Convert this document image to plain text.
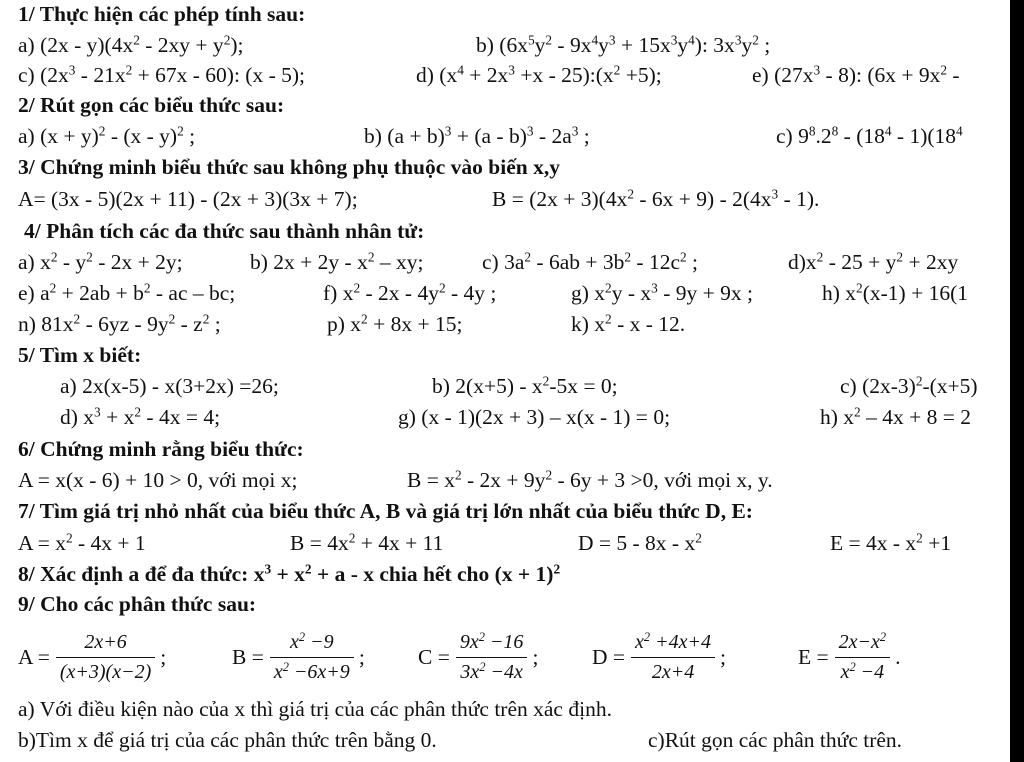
1/ Thực hiện các phép tính sau:
a) $(2x - y)(4x^2 - 2xy + y^2)$;	b) $(6x^5y^2 - 9x^4y^3 + 15x^3y^4)$: $3x^3y^2$ ;
c) $(2x^3 - 21x^2 + 67x - 60)$: (x - 5);	d) ($x^4 + 2x^3 +x$ - $25):(x^2 +5)$;	e) $(27x^3 - 8)$: ($6x + 9x^2$ -
2/ Rút gọn các biểu thức sau:
a) $(x + y)^2 - (x - y)^2$ ;	b) $(a + b)^3 + (a - b)^3 - 2a^3$ ;	c) $9^8.2^8 - (18^4 - 1)(18^4$
3/ Chứng minh biểu thức sau không phụ thuộc vào biến x,y
A= (3x - 5)(2x + 11) - (2x + 3)(3x + 7);	$B = (2x + 3)(4x^2 - 6x + 9) - 2(4x^3 - 1)$.
4/ Phân tích các đa thức sau thành nhân tử:
a) $x^2 - y^2 - 2x + 2y$;	b) $2x + 2y - x^2$ – xy;	c) $3a^2 - 6ab + 3b^2 - 12c^2$ ;	$d)x^2 - 25 + y^2 + 2xy$
e) $a^2 + 2ab + b^2$ - ac – bc;	f) $x^2 - 2x - 4y^2 - 4y$ ;	g) $x^2y - x^3 - 9y + 9x$ ;	h) $x^2(x-1) + 16(1$
n) $81x^2 - 6yz - 9y^2 - z^2$ ;	p) $x^2 + 8x + 15$;	k) $x^2$ - x - 12.
5/ Tìm x biết:
a) 2x(x-5) - x(3+2x) =26;	b) $2(x+5) - x^2-5x = 0$;	c) $(2x-3)^2-(x+5)$
d) $x^3 + x^2 - 4x = 4$;	g) (x - 1)(2x + 3) – x(x - 1) = 0;	h) $x^2 - 4x + 8 = 2$
6/ Chứng minh rằng biểu thức:
A = x(x - 6) + 10 > 0, với mọi x;	$B = x^2 - 2x + 9y^2 - 6y + 3 >0$, với mọi x, y.
7/ Tìm giá trị nhỏ nhất của biểu thức A, B và giá trị lớn nhất của biểu thức D, E:
$A = x^2 - 4x + 1$	$B = 4x^2 + 4x + 11$	$D = 5 - 8x - x^2$	$E = 4x - x^2 +1$
8/ Xác định a để đa thức: $x^3 + x^2 + a - x$ chia hết cho $(x + 1)^2$
9/ Cho các phân thức sau:
$A = \frac{2x+6}{(x+3)(x-2)}$ ;	$B = \frac{x^2 -9}{x^2 -6x+9}$ ; $C = \frac{9x^2 -16}{3x^2 -4x}$ ; $D = \frac{x^2 +4x+4}{2x+4}$ ;	$E = \frac{2x-x^2}{x^2 -4}$ .
a) Với điều kiện nào của x thì giá trị của các phân thức trên xác định.
b)Tìm x để giá trị của các phân thức trên bằng 0.	c)Rút gọn các phân thức trên.
